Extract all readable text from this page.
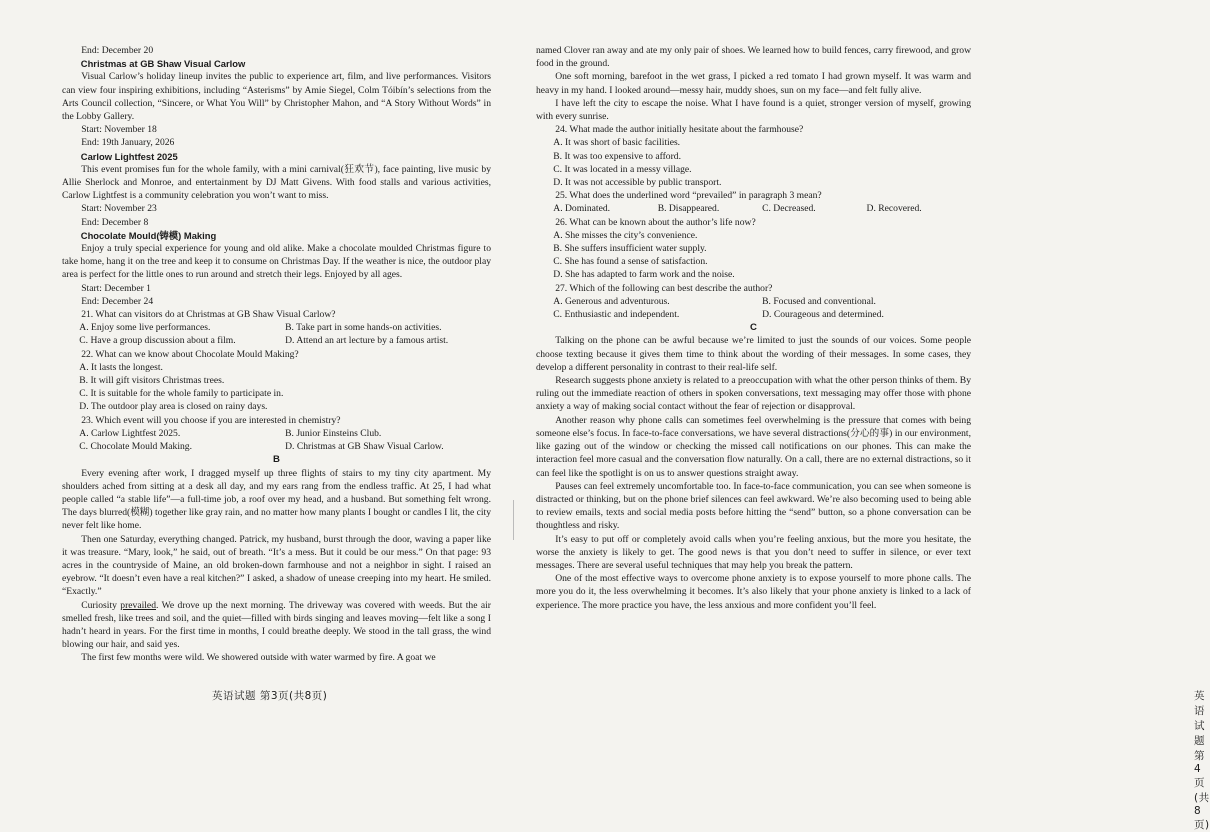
End: December 20

Christmas at GB Shaw Visual Carlow

Visual Carlow’s holiday lineup invites the public to experience art, film, and live performances. Visitors can view four inspiring exhibitions, including “Asterisms” by Amie Siegel, Colm Tóibín’s selections from the Arts Council collection, “Sincere, or What You Will” by Christopher Mahon, and “A Story Without Words” in the Lobby Gallery.

Start: November 18

End: 19th January, 2026

Carlow Lightfest 2025

This event promises fun for the whole family, with a mini carnival(狂欢节), face painting, live music by Allie Sherlock and Monroe, and entertainment by DJ Matt Givens. With food stalls and various activities, Carlow Lightfest is a community celebration you won’t want to miss.

Start: November 23

End: December 8

Chocolate Mould(铸模) Making

Enjoy a truly special experience for young and old alike. Make a chocolate moulded Christmas figure to take home, hang it on the tree and keep it to consume on Christmas Day. If the weather is nice, the outdoor play area is perfect for the little ones to run around and stretch their legs. Enjoyed by all ages.

Start: December 1

End: December 24

21. What can visitors do at Christmas at GB Shaw Visual Carlow?

A. Enjoy some live performances.	B. Take part in some hands-on activities.
C. Have a group discussion about a film.	D. Attend an art lecture by a famous artist.

22. What can we know about Chocolate Mould Making?

A. It lasts the longest.
B. It will gift visitors Christmas trees.
C. It is suitable for the whole family to participate in.
D. The outdoor play area is closed on rainy days.

23. Which event will you choose if you are interested in chemistry?

A. Carlow Lightfest 2025.	B. Junior Einsteins Club.
C. Chocolate Mould Making.	D. Christmas at GB Shaw Visual Carlow.
B

Every evening after work, I dragged myself up three flights of stairs to my tiny city apartment. My shoulders ached from sitting at a desk all day, and my ears rang from the endless traffic. At 25, I had what people called “a stable life”—a full-time job, a roof over my head, and a husband. But something felt wrong. The days blurred(模糊) together like gray rain, and no matter how many plants I bought or candles I lit, the city never felt like home.

Then one Saturday, everything changed. Patrick, my husband, burst through the door, waving a paper like it was treasure. “Mary, look,” he said, out of breath. “It’s a mess. But it could be our mess.” On that page: 93 acres in the countryside of Maine, an old broken-down farmhouse and not a neighbor in sight. I raised an eyebrow. “It doesn’t even have a real kitchen?” I asked, a shadow of unease creeping into my heart. He smiled. “Exactly.”

Curiosity prevailed. We drove up the next morning. The driveway was covered with weeds. But the air smelled fresh, like trees and soil, and the quiet—filled with birds singing and leaves moving—felt like a song I hadn’t heard in years. For the first time in months, I could breathe deeply. We stood in the tall grass, the wind blowing our hair, and said yes.

The first few months were wild. We showered outside with water warmed by fire. A goat we

英语试题 第3页(共8页)

named Clover ran away and ate my only pair of shoes. We learned how to build fences, carry firewood, and grow food in the ground.

One soft morning, barefoot in the wet grass, I picked a red tomato I had grown myself. It was warm and heavy in my hand. I looked around—messy hair, muddy shoes, sun on my face—and felt fully alive.

I have left the city to escape the noise. What I have found is a quiet, stronger version of myself, growing with every sunrise.

24. What made the author initially hesitate about the farmhouse?

A. It was short of basic facilities.
B. It was too expensive to afford.
C. It was located in a messy village.
D. It was not accessible by public transport.

25. What does the underlined word “prevailed” in paragraph 3 mean?

A. Dominated.	B. Disappeared.	C. Decreased.	D. Recovered.

26. What can be known about the author’s life now?

A. She misses the city’s convenience.
B. She suffers insufficient water supply.
C. She has found a sense of satisfaction.
D. She has adapted to farm work and the noise.

27. Which of the following can best describe the author?

A. Generous and adventurous.	B. Focused and conventional.
C. Enthusiastic and independent.	D. Courageous and determined.
C

Talking on the phone can be awful because we’re limited to just the sounds of our voices. Some people choose texting because it gives them time to think about the wording of their messages. In some cases, they develop a different personality in contrast to their real-life self.

Research suggests phone anxiety is related to a preoccupation with what the other person thinks of them. By ruling out the immediate reaction of others in spoken conversations, text messaging may offer those with phone anxiety a way of making social contact without the fear of rejection or disapproval.

Another reason why phone calls can sometimes feel overwhelming is the pressure that comes with being someone else’s focus. In face-to-face conversations, we have several distractions(分心的事) in our environment, like gazing out of the window or checking the missed call notifications on our phones. This can make the interaction feel more casual and the conversation flow naturally. On a call, there are no external distractions, so it can feel like the spotlight is on us to answer questions straight away.

Pauses can feel extremely uncomfortable too. In face-to-face communication, you can see when someone is distracted or thinking, but on the phone brief silences can feel awkward. We’re also becoming used to being able to review emails, texts and social media posts before hitting the “send” button, so a phone conversation can be thoughtless and risky.

It’s easy to put off or completely avoid calls when you’re feeling anxious, but the more you hesitate, the worse the anxiety is likely to get. The good news is that you don’t need to suffer in silence, or ever text messages. There are several useful techniques that may help you break the pattern.

One of the most effective ways to overcome phone anxiety is to expose yourself to more phone calls. The more you do it, the less overwhelming it becomes. It’s also likely that your phone anxiety is linked to a lack of experience. The more practice you have, the less anxious and more confident you’ll feel.

英语试题 第4页(共8页)
